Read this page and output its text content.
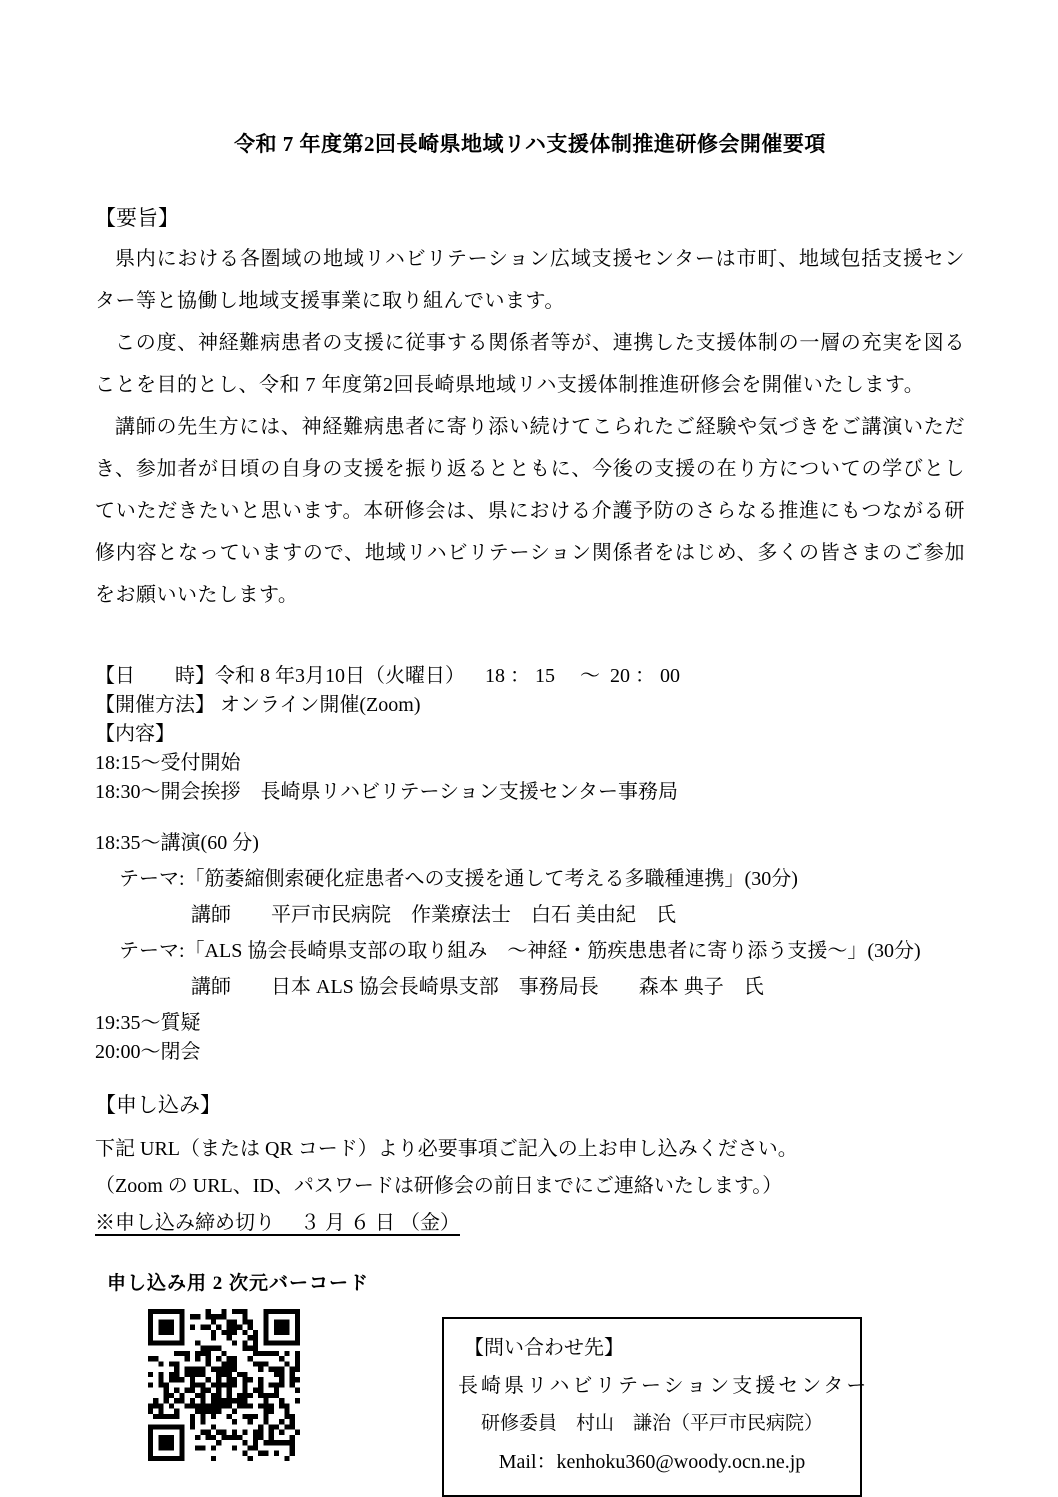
令和 7 年度第2回長崎県地域リハ支援体制推進研修会開催要項
【要旨】

県内における各圏域の地域リハビリテーション広域支援センターは市町、地域包括支援センター等と協働し地域支援事業に取り組んでいます。

この度、神経難病患者の支援に従事する関係者等が、連携した支援体制の一層の充実を図ることを目的とし、令和 7 年度第2回長崎県地域リハ支援体制推進研修会を開催いたします。

講師の先生方には、神経難病患者に寄り添い続けてこられたご経験や気づきをご講演いただき、参加者が日頃の自身の支援を振り返るとともに、今後の支援の在り方についての学びとしていただきたいと思います。本研修会は、県における介護予防のさらなる推進にもつながる研修内容となっていますので、地域リハビリテーション関係者をはじめ、多くの皆さまのご参加をお願いいたします。

【日　　時】令和 8 年3月10日（火曜日）　  18 ： 15 　～  20 ： 00
【開催方法】 オンライン開催(Zoom)
【内容】
18:15～受付開始
18:30～開会挨拶　長崎県リハビリテーション支援センター事務局
18:35～講演(60 分)
テーマ:「筋萎縮側索硬化症患者への支援を通して考える多職種連携」(30分)
講師　　平戸市民病院　作業療法士　白石 美由紀　氏
テーマ:「ALS 協会長崎県支部の取り組み　～神経・筋疾患患者に寄り添う支援～」(30分)
講師　　日本 ALS 協会長崎県支部　事務局長　　森本 典子　氏
19:35～質疑
20:00～閉会
【申し込み】
下記 URL（または QR コード）より必要事項ご記入の上お申し込みください。
（Zoom の URL、ID、パスワードは研修会の前日までにご連絡いたします。）
※申し込み締め切り　 ３ 月 ６ 日 （金）
申し込み用 2 次元バーコード
【問い合わせ先】
長崎県リハビリテーション支援センター
研修委員　村山　謙治（平戸市民病院）
Mail：kenhoku360@woody.ocn.ne.jp
